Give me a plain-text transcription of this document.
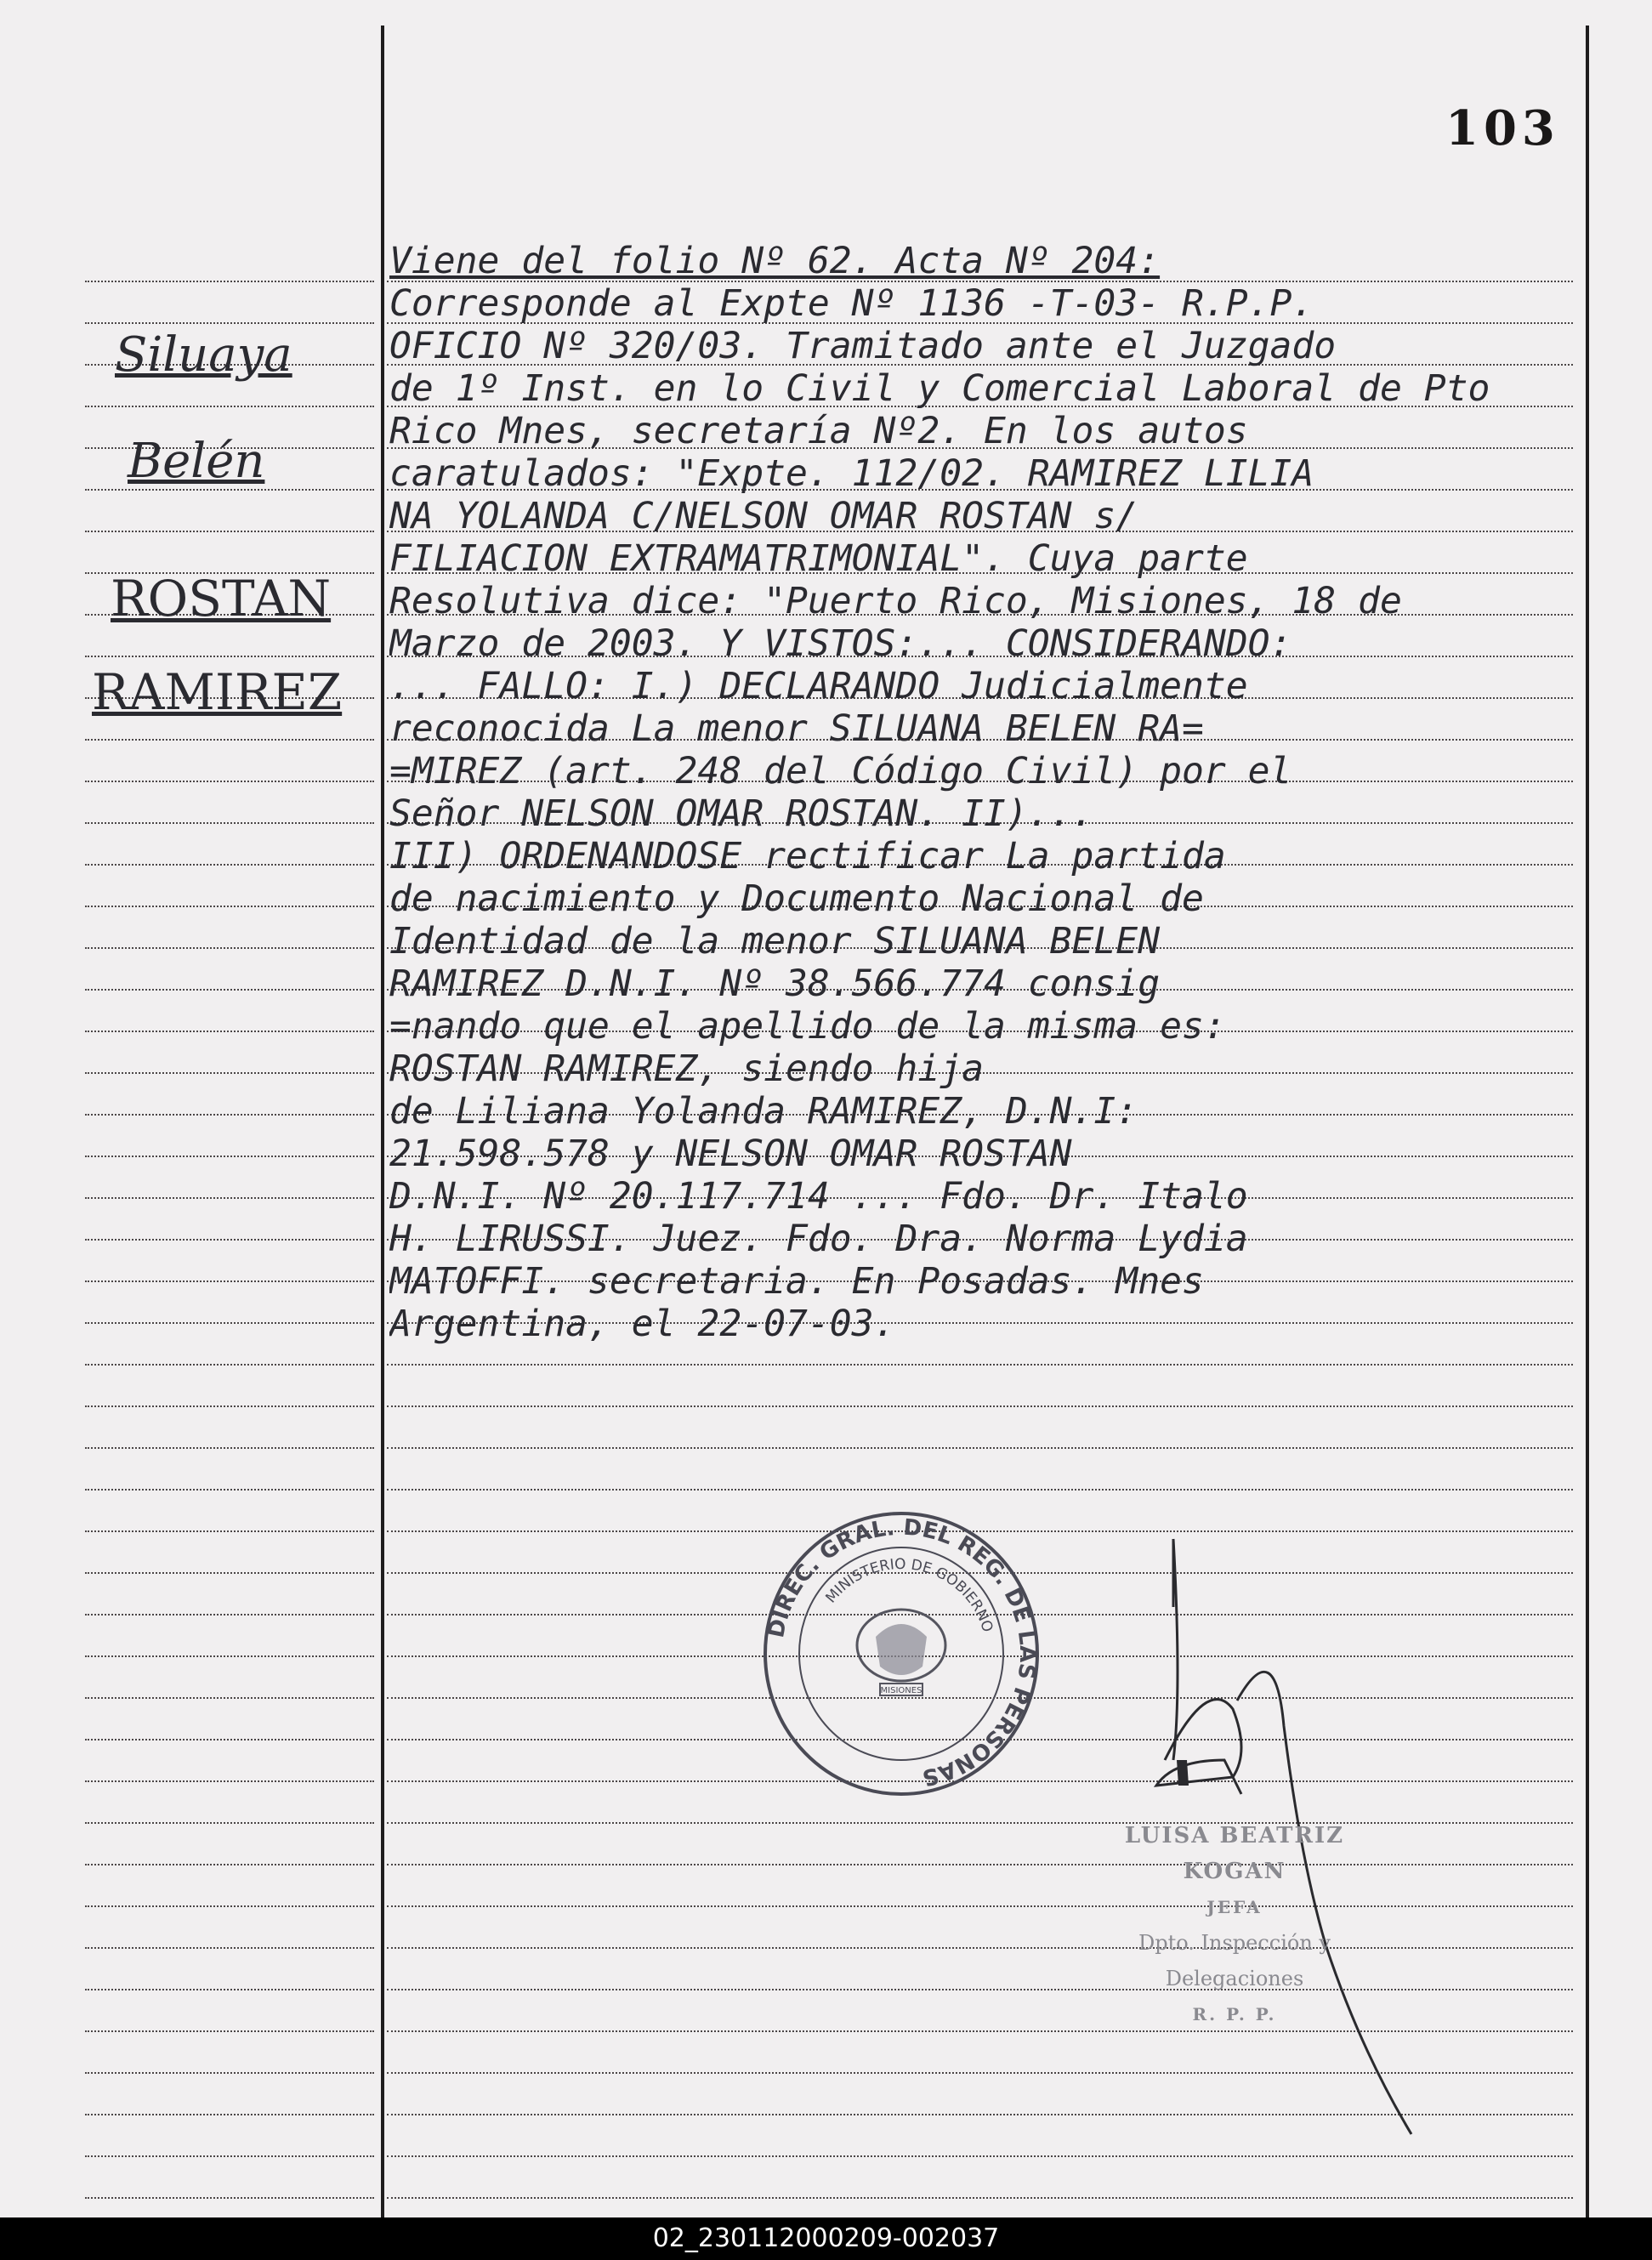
103
Siluaya
Belén
ROSTAN
RAMIREZ
Viene del folio Nº 62. Acta Nº 204:
Corresponde al Expte Nº 1136 -T-03- R.P.P.
OFICIO Nº 320/03. Tramitado ante el Juzgado
de 1º Inst. en lo Civil y Comercial Laboral de Pto
Rico Mnes, secretaría Nº2. En los autos
caratulados: "Expte. 112/02. RAMIREZ LILIA
NA YOLANDA C/NELSON OMAR ROSTAN s/
FILIACION EXTRAMATRIMONIAL". Cuya parte
Resolutiva dice: "Puerto Rico, Misiones, 18 de
Marzo de 2003. Y VISTOS:... CONSIDERANDO:
... FALLO: I.) DECLARANDO Judicialmente
reconocida La menor SILUANA BELEN RA=
=MIREZ (art. 248 del Código Civil) por el
Señor NELSON OMAR ROSTAN. II)...
III) ORDENANDOSE rectificar La partida
de nacimiento y Documento Nacional de
Identidad de la menor SILUANA BELEN
RAMIREZ D.N.I. Nº 38.566.774 consig
=nando que el apellido de la misma es:
ROSTAN RAMIREZ, siendo hija
de Liliana Yolanda RAMIREZ, D.N.I:
21.598.578 y NELSON OMAR ROSTAN
D.N.I. Nº 20.117.714 ... Fdo. Dr. Italo
H. LIRUSSI. Juez. Fdo. Dra. Norma Lydia
MATOFFI. secretaria. En Posadas. Mnes
Argentina, el 22-07-03.
DIREC. GRAL. DEL REG. DE LAS PERSONAS
MINISTERIO DE GOBIERNO
MISIONES
LUISA BEATRIZ KOGAN
JEFA
Dpto. Inspección y Delegaciones
R. P. P.
02_230112000209-002037
